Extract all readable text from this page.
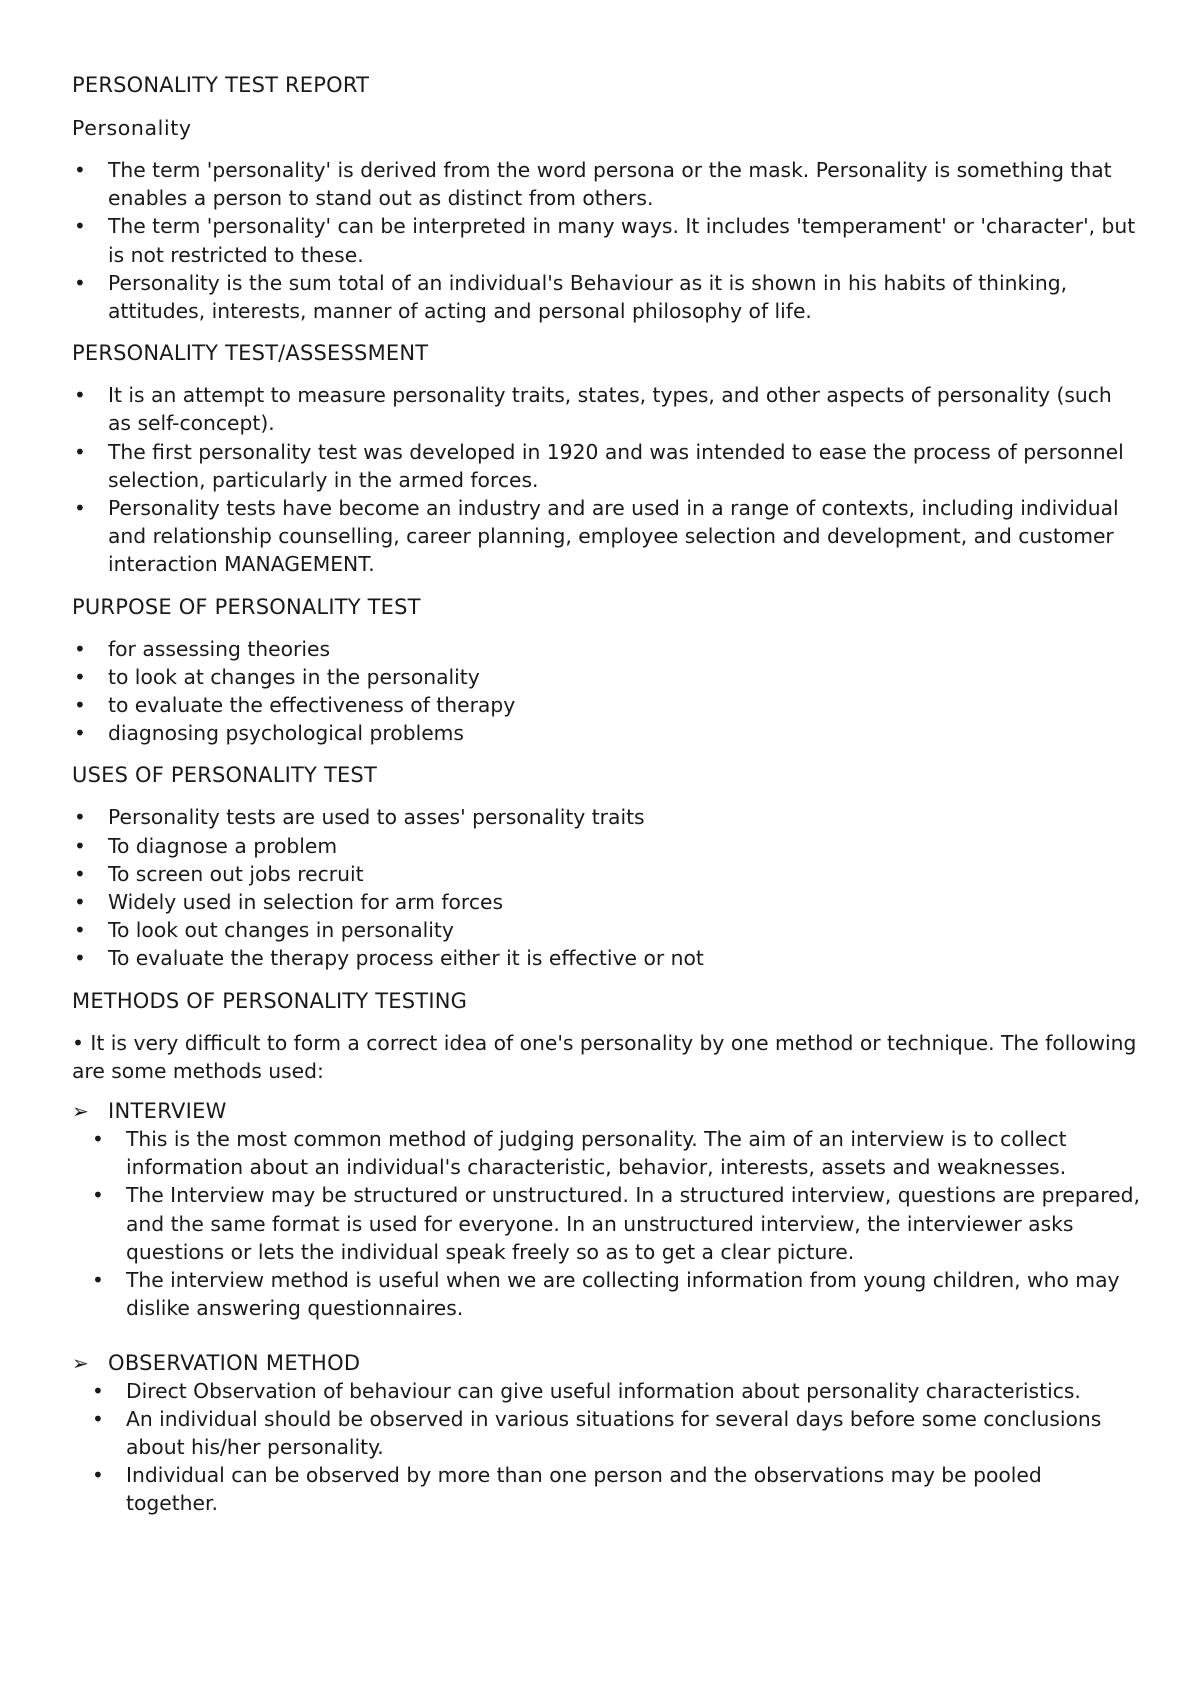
PERSONALITY TEST REPORT
Personality
• The term 'personality' is derived from the word persona or the mask. Personality is something that enables a person to stand out as distinct from others.
• The term 'personality' can be interpreted in many ways. It includes 'temperament' or 'character', but is not restricted to these.
• Personality is the sum total of an individual's Behaviour as it is shown in his habits of thinking, attitudes, interests, manner of acting and personal philosophy of life.
PERSONALITY TEST/ASSESSMENT
• It is an attempt to measure personality traits, states, types, and other aspects of personality (such as self-concept).
• The first personality test was developed in 1920 and was intended to ease the process of personnel selection, particularly in the armed forces.
• Personality tests have become an industry and are used in a range of contexts, including individual and relationship counselling, career planning, employee selection and development, and customer interaction MANAGEMENT.
PURPOSE OF PERSONALITY TEST
• for assessing theories
• to look at changes in the personality
• to evaluate the effectiveness of therapy
• diagnosing psychological problems
USES OF PERSONALITY TEST
• Personality tests are used to asses' personality traits
• To diagnose a problem
• To screen out jobs recruit
• Widely used in selection for arm forces
• To look out changes in personality
• To evaluate the therapy process either it is effective or not
METHODS OF PERSONALITY TESTING

• It is very difficult to form a correct idea of one's personality by one method or technique. The following are some methods used:

➢ INTERVIEW
• This is the most common method of judging personality. The aim of an interview is to collect information about an individual's characteristic, behavior, interests, assets and weaknesses.
• The Interview may be structured or unstructured. In a structured interview, questions are prepared, and the same format is used for everyone. In an unstructured interview, the interviewer asks questions or lets the individual speak freely so as to get a clear picture.
• The interview method is useful when we are collecting information from young children, who may dislike answering questionnaires.
➢ OBSERVATION METHOD
• Direct Observation of behaviour can give useful information about personality characteristics.
• An individual should be observed in various situations for several days before some conclusions about his/her personality.
• Individual can be observed by more than one person and the observations may be pooled together.
